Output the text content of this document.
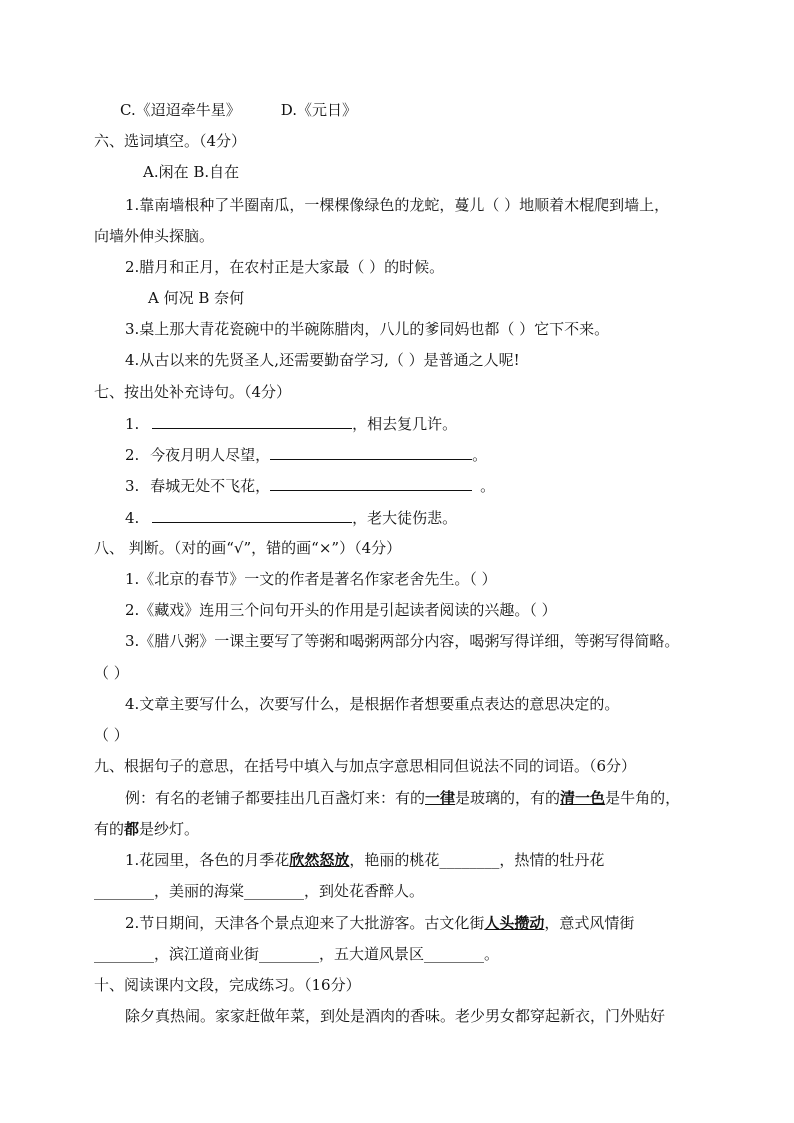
C.《迢迢牵牛星》	D.《元日》
六、选词填空。（4分）
A.闲在 B.自在
1.靠南墙根种了半圈南瓜，一棵棵像绿色的龙蛇，蔓儿（ ）地顺着木棍爬到墙上，
向墙外伸头探脑。
2.腊月和正月，在农村正是大家最（ ）的时候。
A 何况 B 奈何
3.桌上那大青花瓷碗中的半碗陈腊肉，八儿的爹同妈也都（ ）它下不来。
4.从古以来的先贤圣人,还需要勤奋学习,（ ）是普通之人呢!
七、按出处补充诗句。（4分）
1.	，相去复几许。
2. 今夜月明人尽望，	。
3. 春城无处不飞花，	。
4.	，老大徒伤悲。
八、 判断。（对的画“√”，错的画“×”）（4分）
1.《北京的春节》一文的作者是著名作家老舍先生。（ ）
2.《藏戏》连用三个问句开头的作用是引起读者阅读的兴趣。（ ）
3.《腊八粥》一课主要写了等粥和喝粥两部分内容，喝粥写得详细，等粥写得简略。
（ ）
4.文章主要写什么，次要写什么，是根据作者想要重点表达的意思决定的。
（ ）
九、根据句子的意思，在括号中填入与加点字意思相同但说法不同的词语。（6分）
例：有名的老铺子都要挂出几百盏灯来：有的一律是玻璃的，有的清一色是牛角的，
有的都是纱灯。
1.花园里，各色的月季花欣然怒放，艳丽的桃花________，热情的牡丹花
________，美丽的海棠________，到处花香醉人。
2.节日期间，天津各个景点迎来了大批游客。古文化街人头攒动，意式风情街
________，滨江道商业街________，五大道风景区________。
十、阅读课内文段，完成练习。（16分）
除夕真热闹。家家赶做年菜，到处是酒肉的香味。老少男女都穿起新衣，门外贴好
